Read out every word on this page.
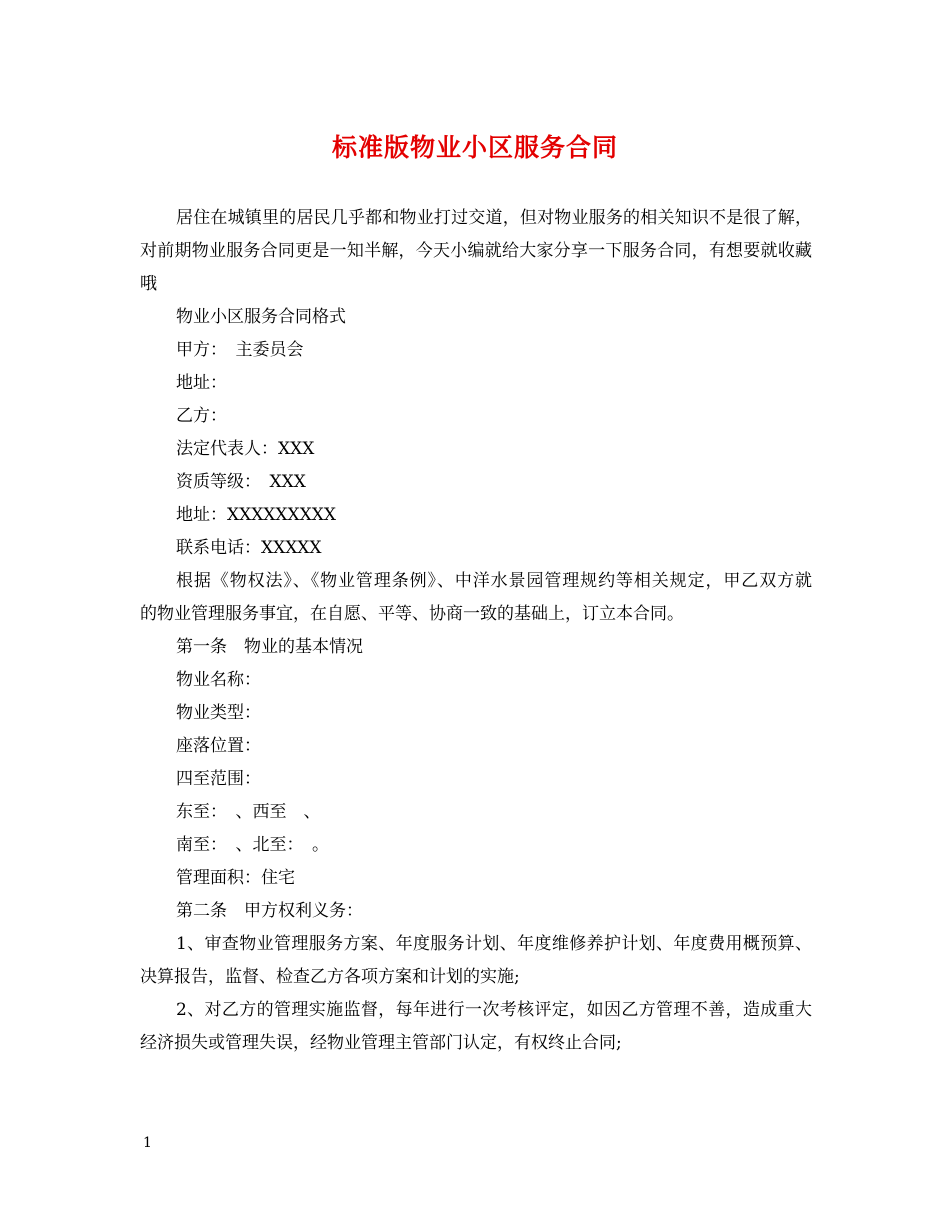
标准版物业小区服务合同

居住在城镇里的居民几乎都和物业打过交道，但对物业服务的相关知识不是很了解，对前期物业服务合同更是一知半解，今天小编就给大家分享一下服务合同，有想要就收藏哦

物业小区服务合同格式

甲方：　主委员会

地址：

乙方：

法定代表人：XXX

资质等级：　XXX

地址：XXXXXXXXX

联系电话：XXXXX

根据《物权法》、《物业管理条例》、中洋水景园管理规约等相关规定，甲乙双方就　的物业管理服务事宜，在自愿、平等、协商一致的基础上，订立本合同。

第一条　物业的基本情况

物业名称：

物业类型：

座落位置：

四至范围：

东至：　、西至　、

南至：　、北至：　。

管理面积：住宅

第二条　甲方权利义务：

1、审查物业管理服务方案、年度服务计划、年度维修养护计划、年度费用概预算、决算报告，监督、检查乙方各项方案和计划的实施;

2、对乙方的管理实施监督，每年进行一次考核评定，如因乙方管理不善，造成重大经济损失或管理失误，经物业管理主管部门认定，有权终止合同;

1
